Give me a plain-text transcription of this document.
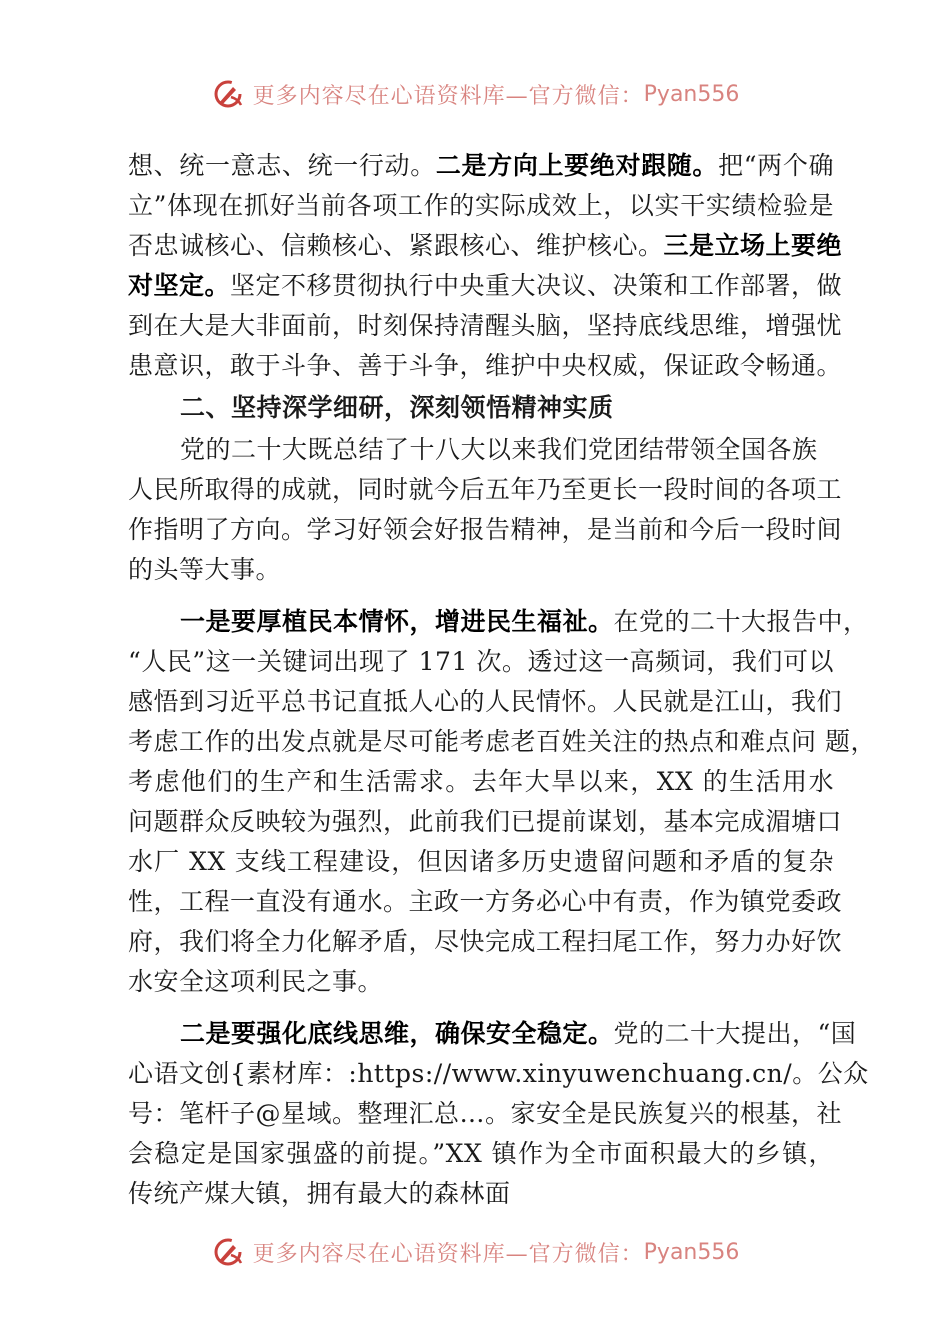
更多内容尽在心语资料库—官方微信： Pyan556
想、统一意志、统一行动。二是方向上要绝对跟随。把“两个确
立”体现在抓好当前各项工作的实际成效上，以实干实绩检验是
否忠诚核心、信赖核心、紧跟核心、维护核心。三是立场上要绝
对坚定。坚定不移贯彻执行中央重大决议、决策和工作部署，做
到在大是大非面前，时刻保持清醒头脑，坚持底线思维，增强忧
患意识，敢于斗争、善于斗争，维护中央权威，保证政令畅通。
二、坚持深学细研，深刻领悟精神实质
党的二十大既总结了十八大以来我们党团结带领全国各族
人民所取得的成就，同时就今后五年乃至更长一段时间的各项工
作指明了方向。学习好领会好报告精神，是当前和今后一段时间
的头等大事。
一是要厚植民本情怀，增进民生福祉。在党的二十大报告中，
“人民”这一关键词出现了 171 次。透过这一高频词，我们可以
感悟到习近平总书记直抵人心的人民情怀。人民就是江山，我们
考虑工作的出发点就是尽可能考虑老百姓关注的热点和难点问 题，
考虑他们的生产和生活需求。去年大旱以来，XX 的生活用水
问题群众反映较为强烈，此前我们已提前谋划，基本完成湄塘口
水厂 XX 支线工程建设，但因诸多历史遗留问题和矛盾的复杂
性，工程一直没有通水。主政一方务必心中有责，作为镇党委政
府，我们将全力化解矛盾，尽快完成工程扫尾工作，努力办好饮
水安全这项利民之事。
二是要强化底线思维，确保安全稳定。党的二十大提出，“国
心语文创{素材库：:https://www.xinyuwenchuang.cn/。公众
号：笔杆子@星域。整理汇总…。家安全是民族复兴的根基，社
会稳定是国家强盛的前提。”XX 镇作为全市面积最大的乡镇，
传统产煤大镇，拥有最大的森林面
更多内容尽在心语资料库—官方微信： Pyan556
